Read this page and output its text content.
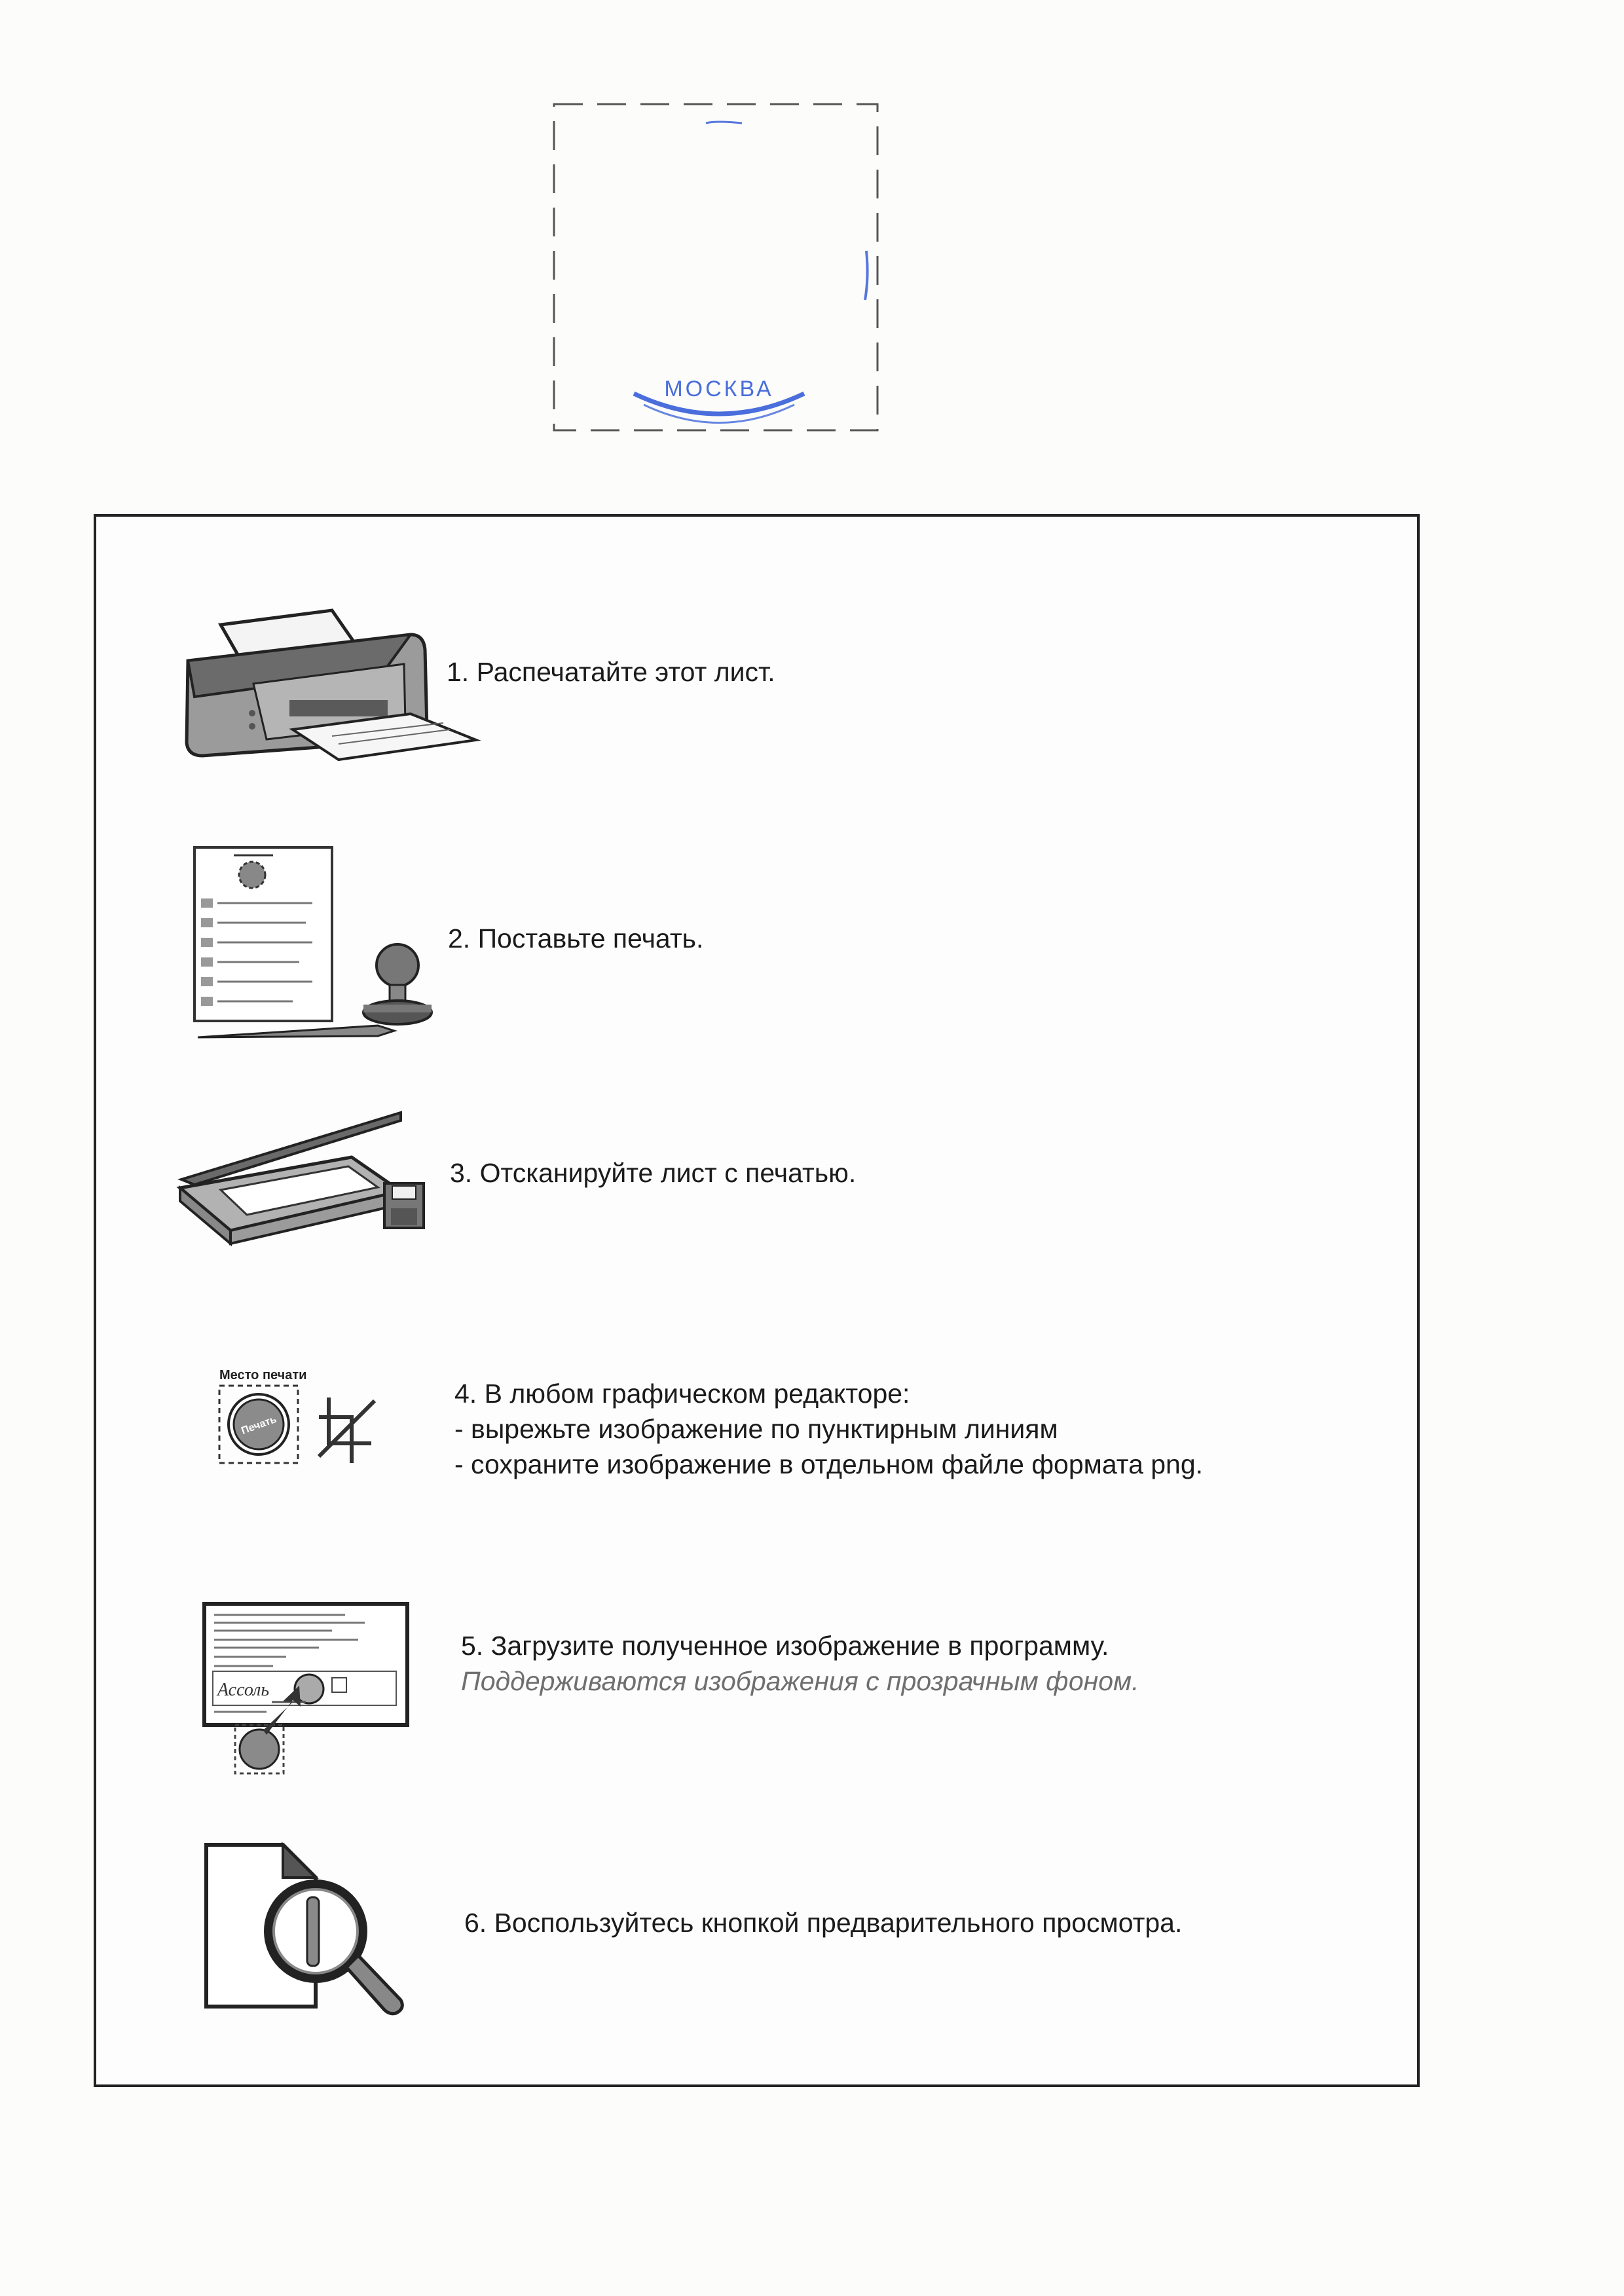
МОСКВА
1. Распечатайте этот лист.
2. Поставьте печать.
3. Отсканируйте лист с печатью.
Место печати
Печать
4. В любом графическом редакторе:
- вырежьте изображение по пунктирным линиям
- сохраните изображение в отдельном файле формата png.
Ассоль
5. Загрузите полученное изображение в программу.
Поддерживаются изображения с прозрачным фоном.
6. Воспользуйтесь кнопкой предварительного просмотра.
